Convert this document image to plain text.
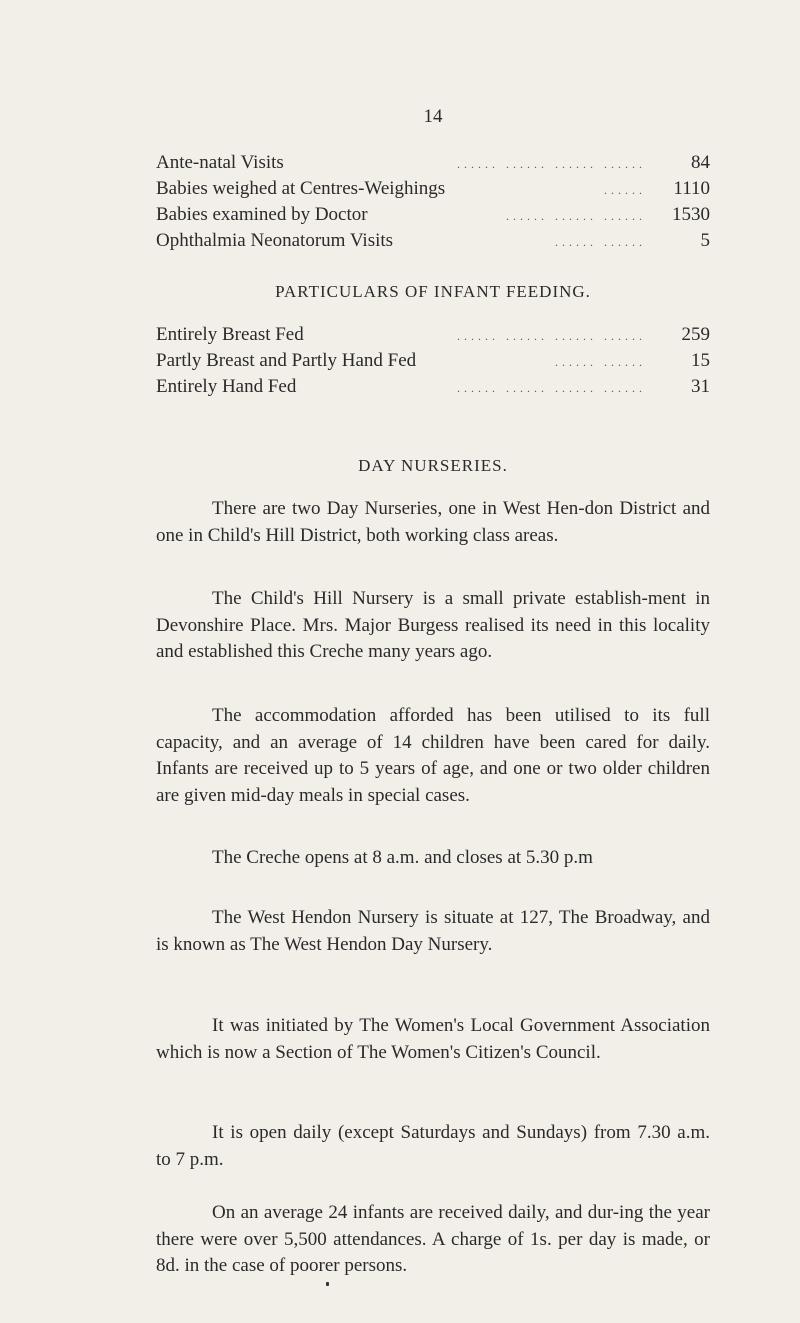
14
Ante-natal Visits	...... ...... ...... ......	84
Babies weighed at Centres-Weighings	......	1110
Babies examined by Doctor	...... ...... ......	1530
Ophthalmia Neonatorum Visits	...... ......	5
PARTICULARS OF INFANT FEEDING.
Entirely Breast Fed	...... ...... ...... ......	259
Partly Breast and Partly Hand Fed	...... ......	15
Entirely Hand Fed	...... ...... ...... ......	31
DAY NURSERIES.

There are two Day Nurseries, one in West Hen-don District and one in Child's Hill District, both working class areas.

The Child's Hill Nursery is a small private establish-ment in Devonshire Place. Mrs. Major Burgess realised its need in this locality and established this Creche many years ago.

The accommodation afforded has been utilised to its full capacity, and an average of 14 children have been cared for daily. Infants are received up to 5 years of age, and one or two older children are given mid-day meals in special cases.

The Creche opens at 8 a.m. and closes at 5.30 p.m

The West Hendon Nursery is situate at 127, The Broadway, and is known as The West Hendon Day Nursery.

It was initiated by The Women's Local Government Association which is now a Section of The Women's Citizen's Council.

It is open daily (except Saturdays and Sundays) from 7.30 a.m. to 7 p.m.

On an average 24 infants are received daily, and dur-ing the year there were over 5,500 attendances. A charge of 1s. per day is made, or 8d. in the case of poorer persons.
